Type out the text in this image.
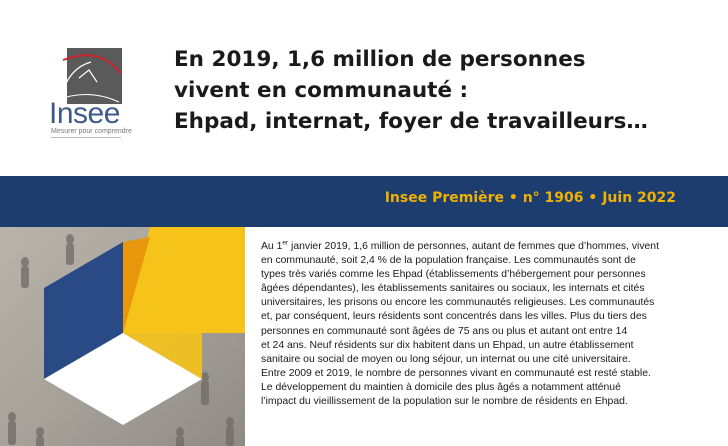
Insee
Mesurer pour comprendre
En 2019, 1,6 million de personnes
vivent en communauté :
Ehpad, internat, foyer de travailleurs…
Insee Première • n° 1906 • Juin 2022

Au 1er janvier 2019, 1,6 million de personnes, autant de femmes que d’hommes, vivent
en communauté, soit 2,4 % de la population française. Les communautés sont de
types très variés comme les Ehpad (établissements d’hébergement pour personnes
âgées dépendantes), les établissements sanitaires ou sociaux, les internats et cités
universitaires, les prisons ou encore les communautés religieuses. Les communautés
et, par conséquent, leurs résidents sont concentrés dans les villes. Plus du tiers des
personnes en communauté sont âgées de 75 ans ou plus et autant ont entre 14
et 24 ans. Neuf résidents sur dix habitent dans un Ehpad, un autre établissement
sanitaire ou social de moyen ou long séjour, un internat ou une cité universitaire.
Entre 2009 et 2019, le nombre de personnes vivant en communauté est resté stable.
Le développement du maintien à domicile des plus âgés a notamment atténué
l’impact du vieillissement de la population sur le nombre de résidents en Ehpad.
